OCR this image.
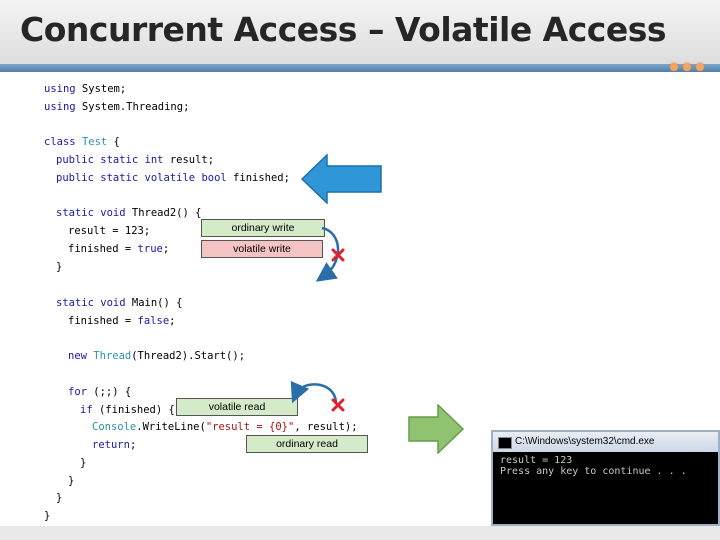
Concurrent Access – Volatile Access
using System;
using System.Threading;
class Test {
public static int result;
public static volatile bool finished;
static void Thread2() {
result = 123;
finished = true;
}
static void Main() {
finished = false;
new Thread(Thread2).Start();
for (;;) {
if (finished) {
Console.WriteLine("result = {0}", result);
return;
}
}
}
}
ordinary write
volatile write
volatile read
ordinary read	C:\Windows\system32\cmd.exe
result = 123
Press any key to continue . . .
